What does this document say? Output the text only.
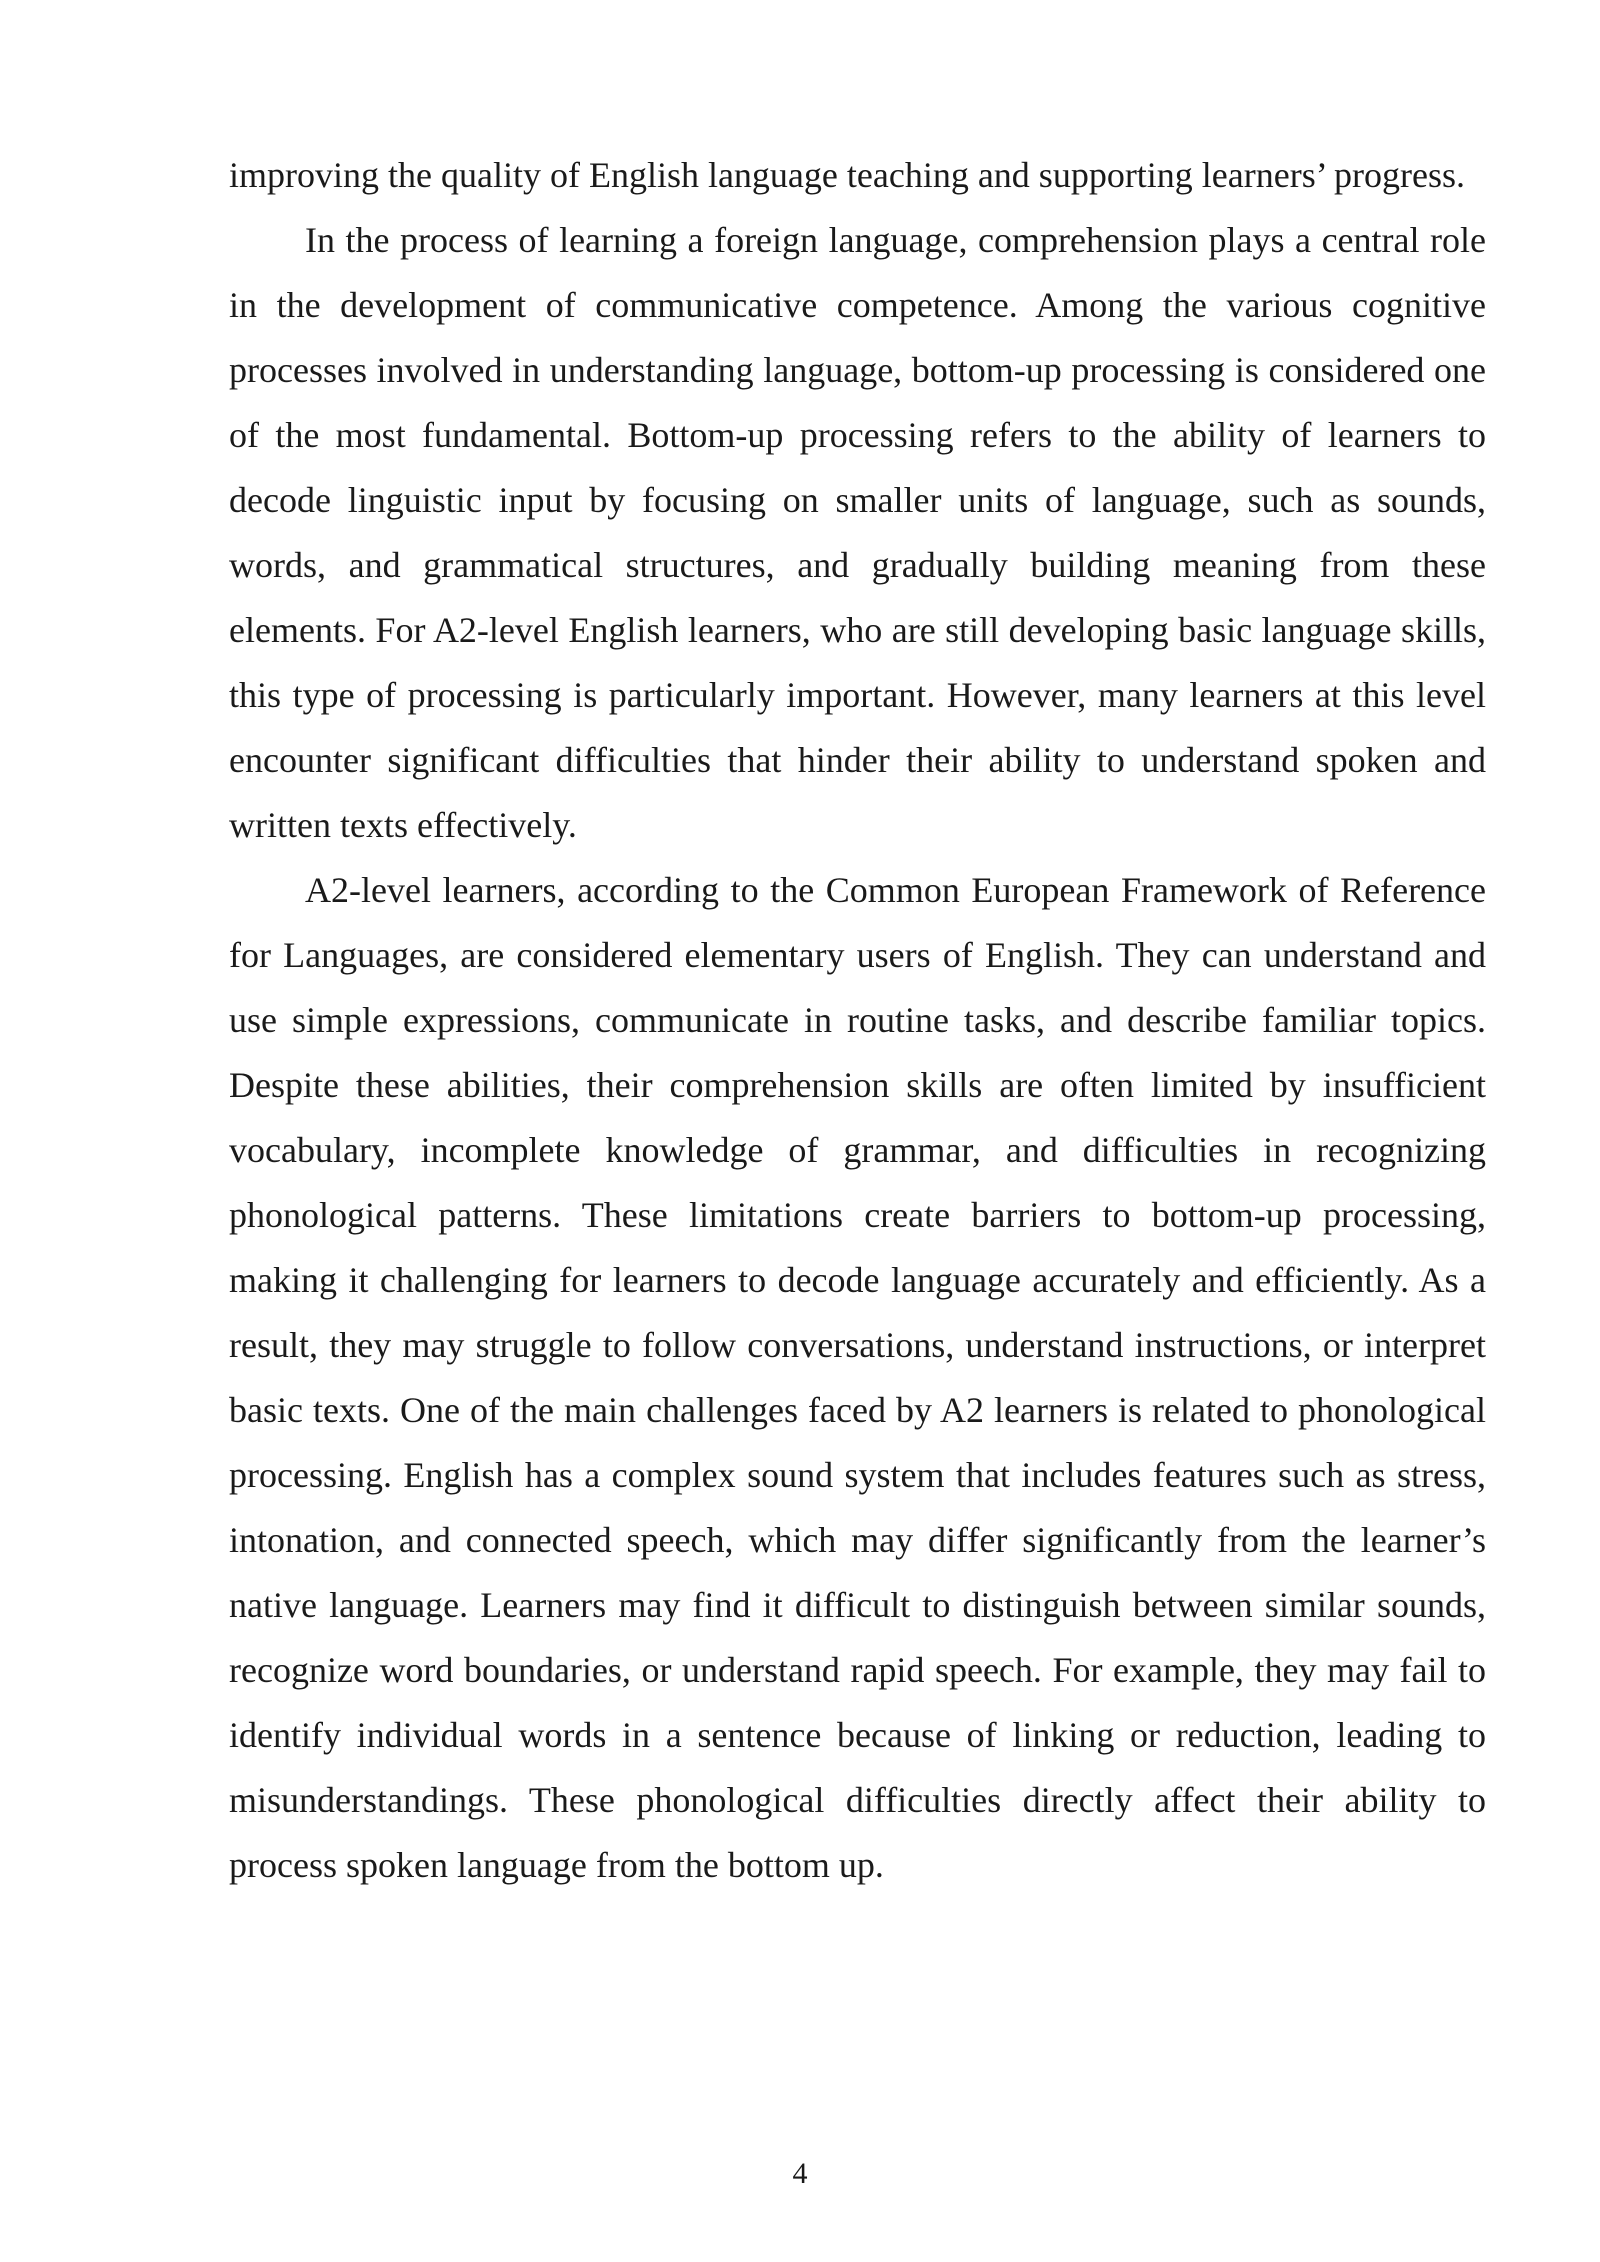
improving the quality of English language teaching and supporting learners’ progress.

In the process of learning a foreign language, comprehension plays a central role in the development of communicative competence. Among the various cognitive processes involved in understanding language, bottom-up processing is considered one of the most fundamental. Bottom-up processing refers to the ability of learners to decode linguistic input by focusing on smaller units of language, such as sounds, words, and grammatical structures, and gradually building meaning from these elements. For A2-level English learners, who are still developing basic language skills, this type of processing is particularly important. However, many learners at this level encounter significant difficulties that hinder their ability to understand spoken and written texts effectively.

A2-level learners, according to the Common European Framework of Reference for Languages, are considered elementary users of English. They can understand and use simple expressions, communicate in routine tasks, and describe familiar topics. Despite these abilities, their comprehension skills are often limited by insufficient vocabulary, incomplete knowledge of grammar, and difficulties in recognizing phonological patterns. These limitations create barriers to bottom-up processing, making it challenging for learners to decode language accurately and efficiently. As a result, they may struggle to follow conversations, understand instructions, or interpret basic texts. One of the main challenges faced by A2 learners is related to phonological processing. English has a complex sound system that includes features such as stress, intonation, and connected speech, which may differ significantly from the learner’s native language. Learners may find it difficult to distinguish between similar sounds, recognize word boundaries, or understand rapid speech. For example, they may fail to identify individual words in a sentence because of linking or reduction, leading to misunderstandings. These phonological difficulties directly affect their ability to process spoken language from the bottom up.

4
